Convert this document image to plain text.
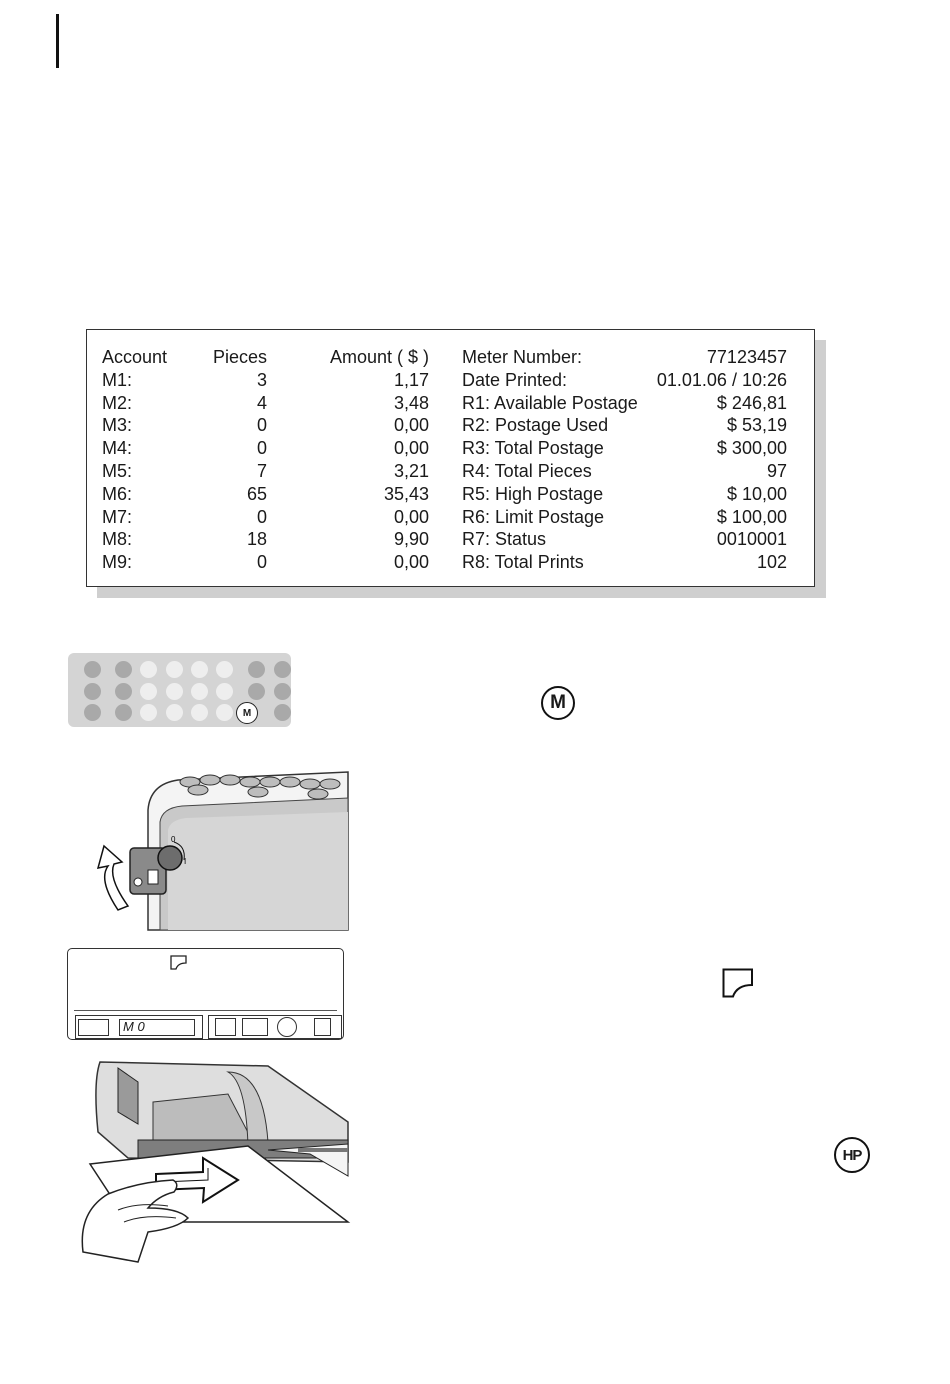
Account	Pieces	Amount ( $ )
M1:	3	1,17
M2:	4	3,48
M3:	0	0,00
M4:	0	0,00
M5:	7	3,21
M6:	65	35,43
M7:	0	0,00
M8:	18	9,90
M9:	0	0,00
Meter Number:	77123457
Date Printed:	01.01.06 / 10:26
R1: Available Postage	$ 246,81
R2: Postage Used	$ 53,19
R3: Total Postage	$ 300,00
R4: Total Pieces	97
R5: High Postage	$ 10,00
R6: Limit Postage	$ 100,00
R7: Status	0010001
R8: Total Prints	102
M	M
0
I
M 0
HP
